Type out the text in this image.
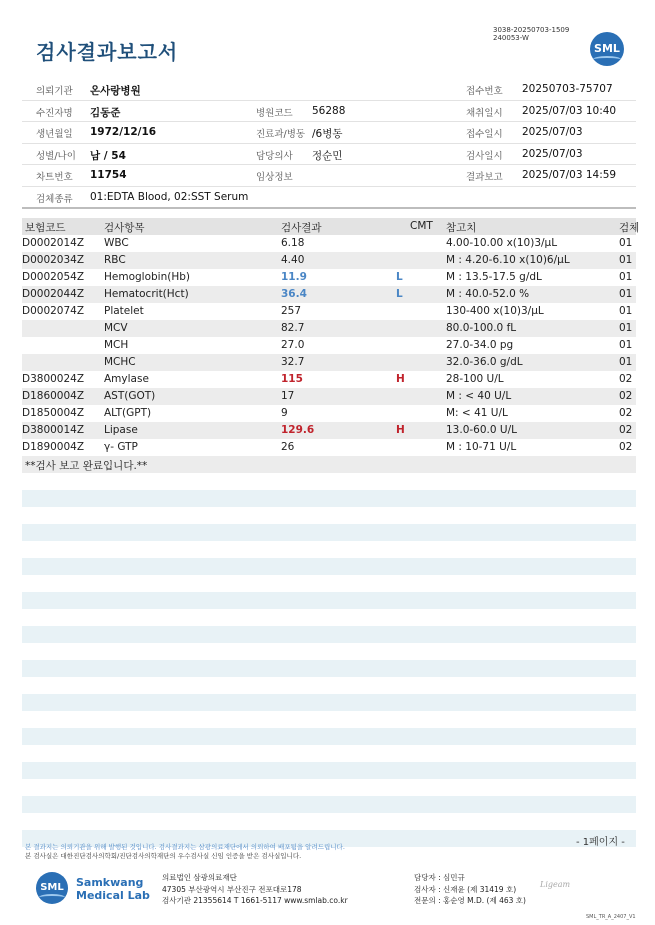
검사결과보고서
3038-20250703-1509
240053-W
SML
의뢰기관 온사랑병원	접수번호 20250703-75707
수진자명 김동준	병원코드 56288	채취일시 2025/07/03 10:40
생년월일 1972/12/16	진료과/병동 /6병동	접수일시 2025/07/03
성별/나이 남 / 54	담당의사 정순민	검사일시 2025/07/03
차트번호 11754	임상정보	결과보고 2025/07/03 14:59
검체종류 01:EDTA Blood, 02:SST Serum
보험코드	검사항목	검사결과	CMT 참고치	검체
D0002014Z WBC	6.18	4.00-10.00 x(10)3/μL	01
D0002034Z RBC	4.40	M : 4.20-6.10 x(10)6/μL	01
D0002054Z Hemoglobin(Hb)	11.9	L	M : 13.5-17.5 g/dL	01
D0002044Z Hematocrit(Hct)	36.4	L	M : 40.0-52.0 %	01
D0002074Z Platelet	257	130-400 x(10)3/μL	01
MCV	82.7	80.0-100.0 fL	01
MCH	27.0	27.0-34.0 pg	01
MCHC	32.7	32.0-36.0 g/dL	01
D3800024Z Amylase	115	H	28-100 U/L	02
D1860004Z AST(GOT)	17	M : < 40 U/L	02
D1850004Z ALT(GPT)	9	M: < 41 U/L	02
D3800014Z Lipase	129.6	H	13.0-60.0 U/L	02
D1890004Z γ- GTP	26	M : 10-71 U/L	02
**검사 보고 완료입니다.**
본 결과지는 의뢰기관을 위해 발행된 것입니다. 검사결과지는 삼광의료재단에서 의뢰하여 배포됨을 알려드립니다.
본 검사실은 대한진단검사의학회/진단검사의학재단의 우수검사실 신임 인증을 받은 검사실입니다.
- 1페이지 -
SML	Samkwang
Medical Lab
의료법인 삼광의료재단
47305 부산광역시 부산진구 전포대로178
검사기관 21355614 T 1661-5117 www.smlab.co.kr
담당자 : 심민규
검사자 : 신재윤 (제 31419 호)
전문의 : 홍순영 M.D. (제 463 호)
Ligeam
SML_TR_A_2407_V1
